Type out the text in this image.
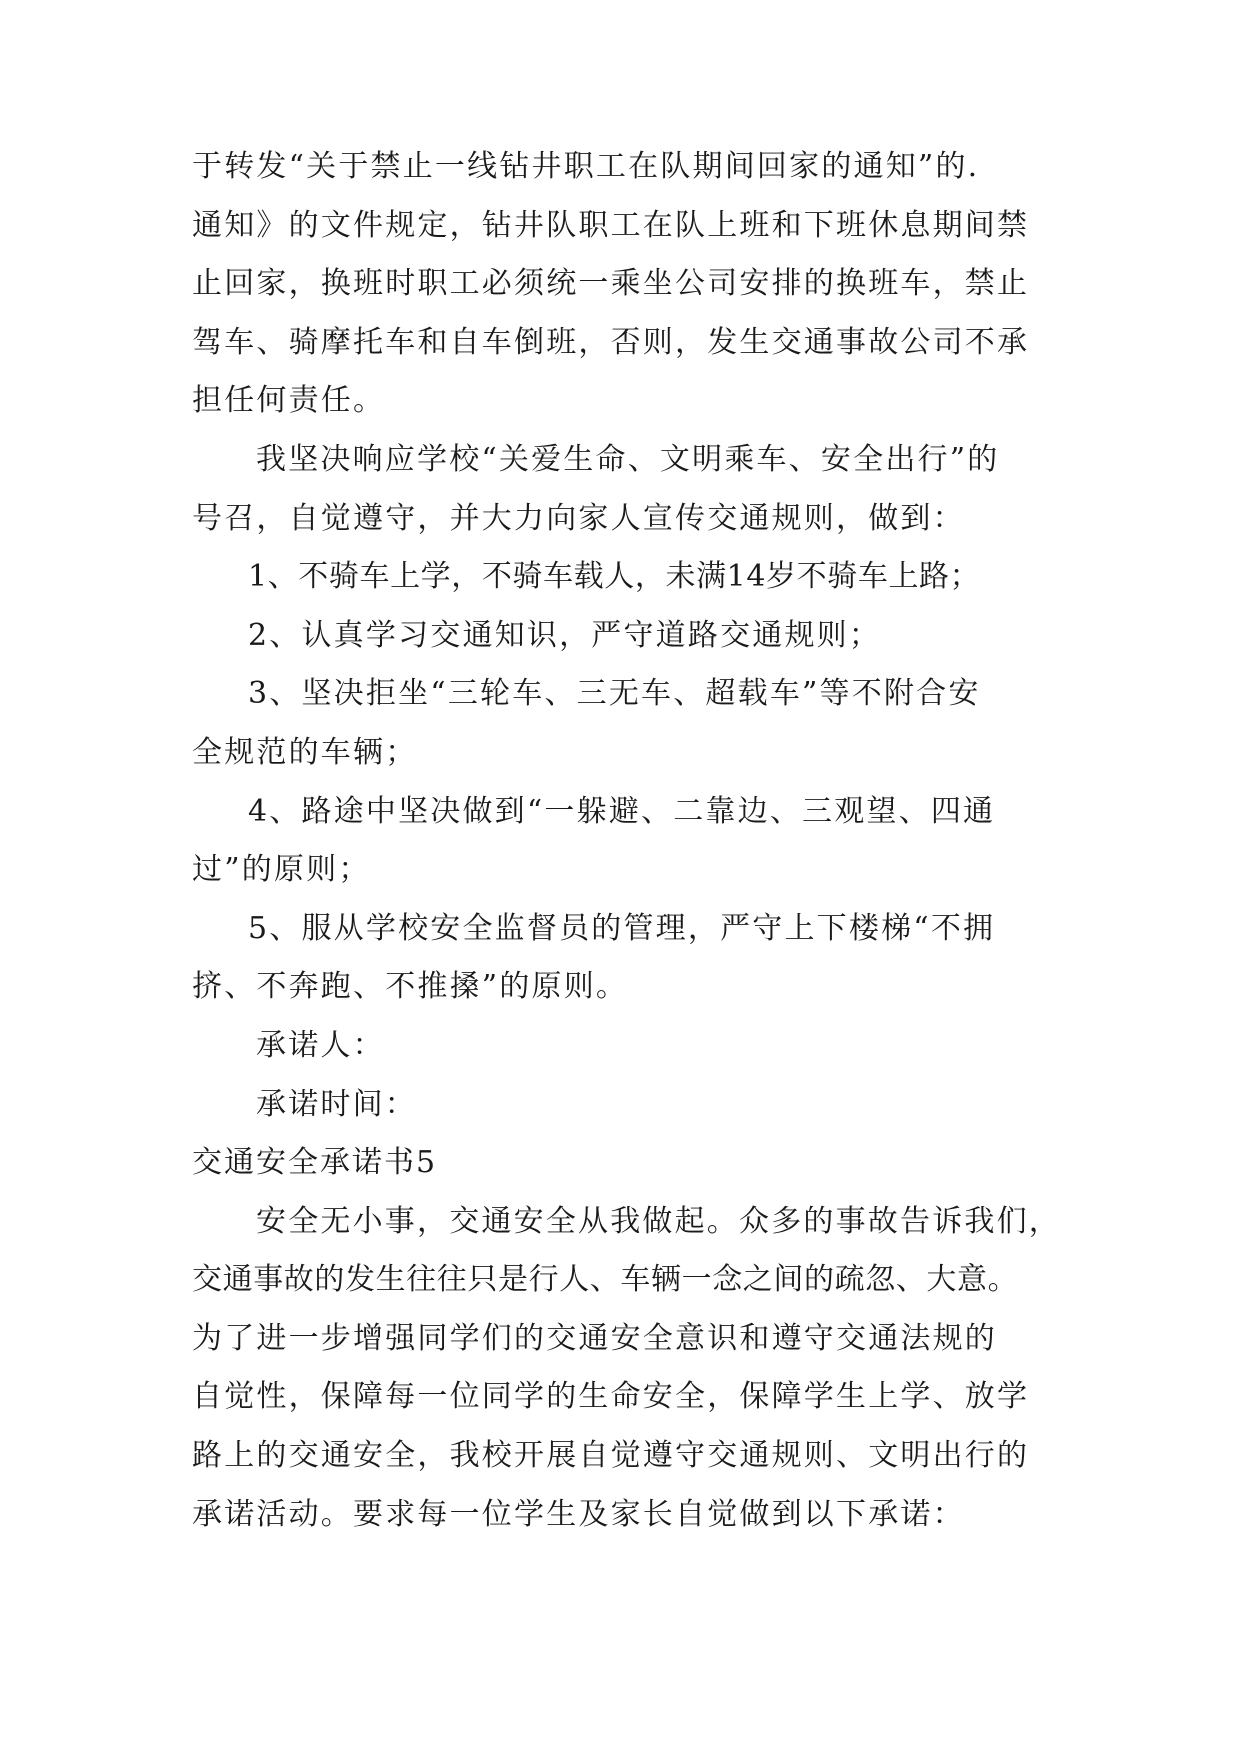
于转发“关于禁止一线钻井职工在队期间回家的通知”的.
通知》的文件规定，钻井队职工在队上班和下班休息期间禁
止回家，换班时职工必须统一乘坐公司安排的换班车，禁止
驾车、骑摩托车和自车倒班，否则，发生交通事故公司不承
担任何责任。
我坚决响应学校“关爱生命、文明乘车、安全出行”的
号召，自觉遵守，并大力向家人宣传交通规则，做到：
1、不骑车上学，不骑车载人，未满14岁不骑车上路；
2、认真学习交通知识，严守道路交通规则；
3、坚决拒坐“三轮车、三无车、超载车”等不附合安
全规范的车辆；
4、路途中坚决做到“一躲避、二靠边、三观望、四通
过”的原则；
5、服从学校安全监督员的管理，严守上下楼梯“不拥
挤、不奔跑、不推搡”的原则。
承诺人：
承诺时间：
交通安全承诺书5
安全无小事，交通安全从我做起。众多的事故告诉我们，
交通事故的发生往往只是行人、车辆一念之间的疏忽、大意。
为了进一步增强同学们的交通安全意识和遵守交通法规的
自觉性，保障每一位同学的生命安全，保障学生上学、放学
路上的交通安全，我校开展自觉遵守交通规则、文明出行的
承诺活动。要求每一位学生及家长自觉做到以下承诺：
